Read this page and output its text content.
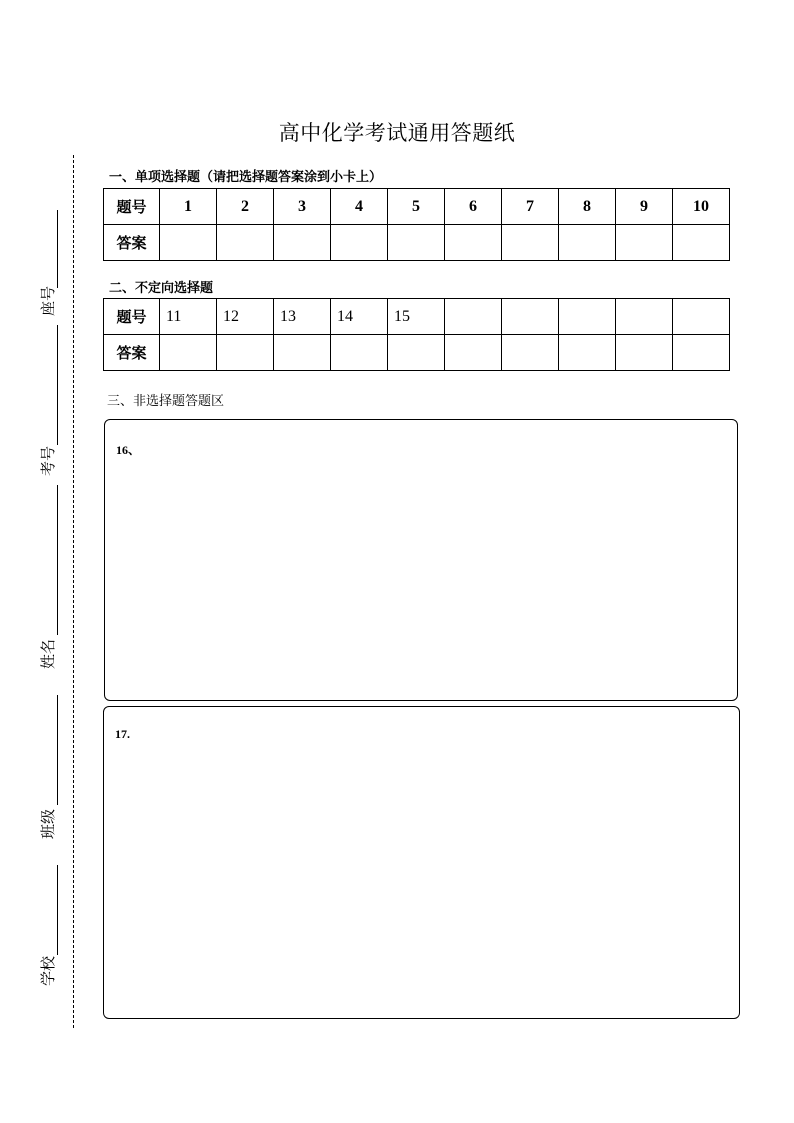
高中化学考试通用答题纸
一、单项选择题（请把选择题答案涂到小卡上）
题号	1	2	3	4	5	6	7	8	9	10
答案										
二、不定向选择题
题号	11	12	13	14	15					
答案										
三、非选择题答题区
16、
17.
座号
考号
姓名
班级
学校
